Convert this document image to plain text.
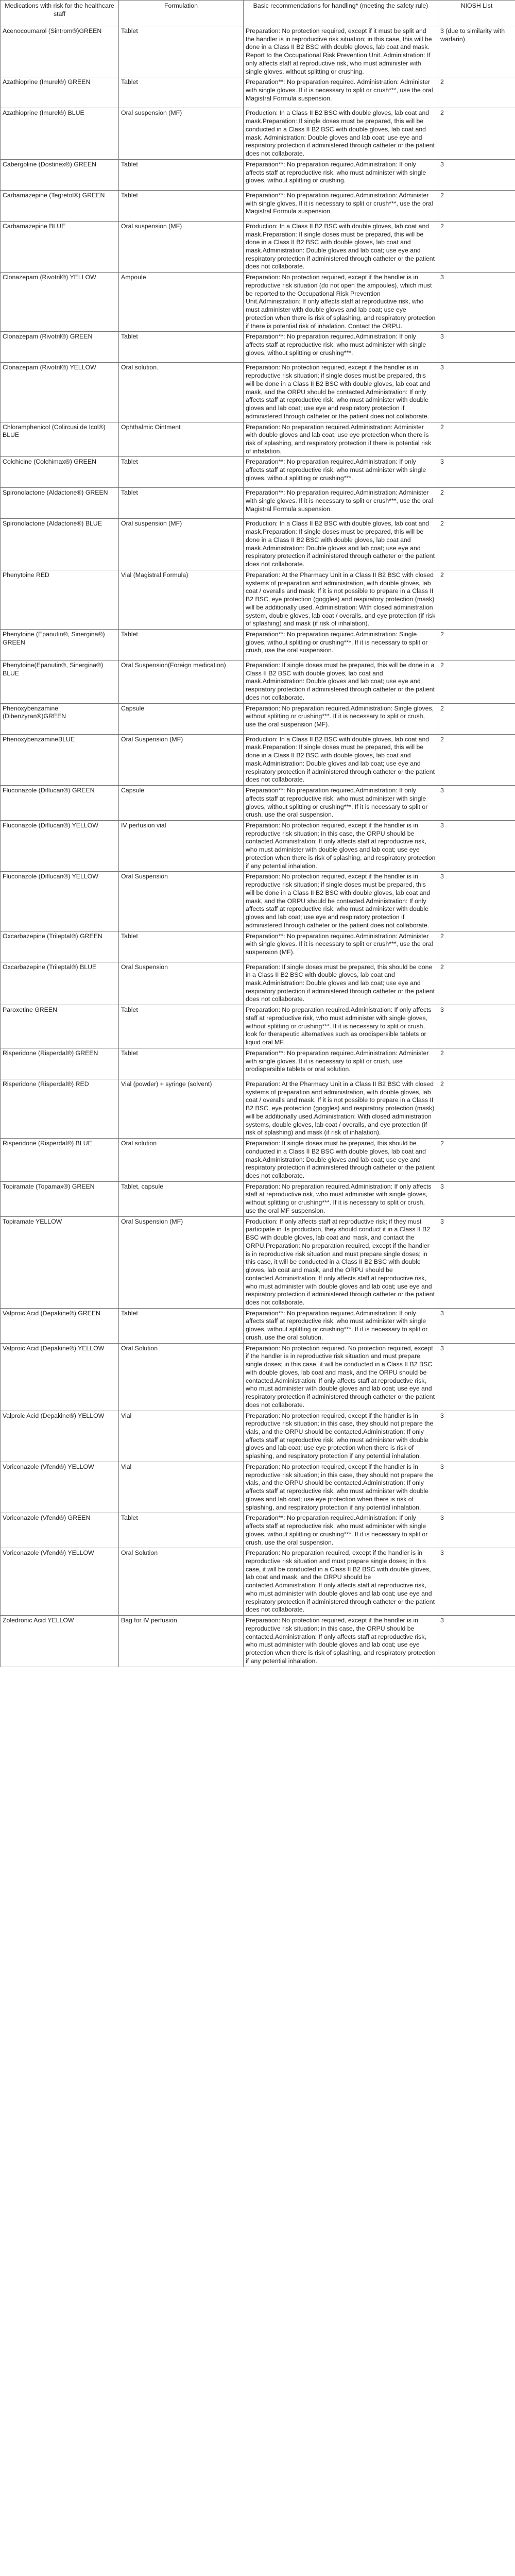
Medications with risk for the healthcare staff	Formulation	Basic recommendations for handling* (meeting the safety rule)	NIOSH List
Acenocoumarol (Sintrom®)GREEN	Tablet	Preparation: No protection required, except if it must be split and the handler is in reproductive risk situation; in this case, this will be done in a Class II B2 BSC with double gloves, lab coat and mask. Report to the Occupational Risk Prevention Unit. Administration: If only affects staff at reproductive risk, who must administer with single gloves, without splitting or crushing.	3 (due to similarity with warfarin)
Azathioprine (Imurel®) GREEN	Tablet	Preparation**: No preparation required. Administration: Administer with single gloves. If it is necessary to split or crush***, use the oral Magistral Formula suspension.	2
Azathioprine (Imurel®) BLUE	Oral suspension (MF)	Production: In a Class II B2 BSC with double gloves, lab coat and mask.Preparation: If single doses must be prepared, this will be conducted in a Class II B2 BSC with double gloves, lab coat and mask. Administration: Double gloves and lab coat; use eye and respiratory protection if administered through catheter or the patient does not collaborate.	2
Cabergoline (Dostinex®) GREEN	Tablet	Preparation**: No preparation required.Administration: If only affects staff at reproductive risk, who must administer with single gloves, without splitting or crushing.	3
Carbamazepine (Tegretol®) GREEN	Tablet	Preparation**: No preparation required.Administration: Administer with single gloves. If it is necessary to split or crush***, use the oral Magistral Formula suspension.	2
Carbamazepine BLUE	Oral suspension (MF)	Production: In a Class II B2 BSC with double gloves, lab coat and mask.Preparation: If single doses must be prepared, this will be done in a Class II B2 BSC with double gloves, lab coat and mask.Administration: Double gloves and lab coat; use eye and respiratory protection if administered through catheter or the patient does not collaborate.	2
Clonazepam (Rivotril®) YELLOW	Ampoule	Preparation: No protection required, except if the handler is in reproductive risk situation (do not open the ampoules), which must be reported to the Occupational Risk Prevention Unit.Administration: If only affects staff at reproductive risk, who must administer with double gloves and lab coat; use eye protection when there is risk of splashing, and respiratory protection if there is potential risk of inhalation. Contact the ORPU.	3
Clonazepam (Rivotril®) GREEN	Tablet	Preparation**: No preparation required.Administration: If only affects staff at reproductive risk, who must administer with single gloves, without splitting or crushing***.	3
Clonazepam (Rivotril®) YELLOW	Oral solution.	Preparation: No protection required, except if the handler is in reproductive risk situation; if single doses must be prepared, this will be done in a Class II B2 BSC with double gloves, lab coat and mask, and the ORPU should be contacted.Administration: If only affects staff at reproductive risk, who must administer with double gloves and lab coat; use eye and respiratory protection if administered through catheter or the patient does not collaborate.	3
Chloramphenicol (Colircusi de Icol®) BLUE	Ophthalmic Ointment	Preparation: No preparation required.Administration: Administer with double gloves and lab coat; use eye protection when there is risk of splashing, and respiratory protection if there is potential risk of inhalation.	2
Colchicine (Colchimax®) GREEN	Tablet	Preparation**: No preparation required.Administration: If only affects staff at reproductive risk, who must administer with single gloves, without splitting or crushing***.	3
Spironolactone (Aldactone®) GREEN	Tablet	Preparation**: No preparation required.Administration: Administer with single gloves. If it is necessary to split or crush***, use the oral Magistral Formula suspension.	2
Spironolactone (Aldactone®) BLUE	Oral suspension (MF)	Production: In a Class II B2 BSC with double gloves, lab coat and mask.Preparation: If single doses must be prepared, this will be done in a Class II B2 BSC with double gloves, lab coat and mask.Administration: Double gloves and lab coat; use eye and respiratory protection if administered through catheter or the patient does not collaborate.	2
Phenytoine RED	Vial (Magistral Formula)	Preparation: At the Pharmacy Unit in a Class II B2 BSC with closed systems of preparation and administration, with double gloves, lab coat / overalls and mask. If it is not possible to prepare in a Class II B2 BSC, eye protection (goggles) and respiratory protection (mask) will be additionally used. Administration: With closed administration system, double gloves, lab coat / overalls, and eye protection (if risk of splashing) and mask (if risk of inhalation).	2
Phenytoine (Epanutin®, Sinergina®) GREEN	Tablet	Preparation**: No preparation required.Administration: Single gloves, without splitting or crushing***. If it is necessary to split or crush, use the oral suspension.	2
Phenytoine(Epanutin®, Sinergina®) BLUE	Oral Suspension(Foreign medication)	Preparation: If single doses must be prepared, this will be done in a Class II B2 BSC with double gloves, lab coat and mask.Administration: Double gloves and lab coat; use eye and respiratory protection if administered through catheter or the patient does not collaborate.	2
Phenoxybenzamine (Dibenzyran®)GREEN	Capsule	Preparation: No preparation required.Administration: Single gloves, without splitting or crushing***. If it is necessary to split or crush, use the oral suspension (MF).	2
PhenoxybenzamineBLUE	Oral Suspension (MF)	Production: In a Class II B2 BSC with double gloves, lab coat and mask.Preparation: If single doses must be prepared, this will be done in a Class II B2 BSC with double gloves, lab coat and mask.Administration: Double gloves and lab coat; use eye and respiratory protection if administered through catheter or the patient does not collaborate.	2
Fluconazole (Diflucan®) GREEN	Capsule	Preparation**: No preparation required.Administration: If only affects staff at reproductive risk, who must administer with single gloves, without splitting or crushing***. If it is necessary to split or crush, use the oral suspension.	3
Fluconazole (Diflucan®) YELLOW	IV perfusion vial	Preparation: No protection required, except if the handler is in reproductive risk situation; in this case, the ORPU should be contacted.Administration: If only affects staff at reproductive risk, who must administer with double gloves and lab coat; use eye protection when there is risk of splashing, and respiratory protection if any potential inhalation.	3
Fluconazole (Diflucan®) YELLOW	Oral Suspension	Preparation: No protection required, except if the handler is in reproductive risk situation; if single doses must be prepared, this will be done in a Class II B2 BSC with double gloves, lab coat and mask, and the ORPU should be contacted.Administration: If only affects staff at reproductive risk, who must administer with double gloves and lab coat; use eye and respiratory protection if administered through catheter or the patient does not collaborate.	3
Oxcarbazepine (Trileptal®) GREEN	Tablet	Preparation**: No preparation required.Administration: Administer with single gloves. If it is necessary to split or crush***, use the oral suspension (MF).	2
Oxcarbazepine (Trileptal®) BLUE	Oral Suspension	Preparation: If single doses must be prepared, this should be done in a Class II B2 BSC with double gloves, lab coat and mask.Administration: Double gloves and lab coat; use eye and respiratory protection if administered through catheter or the patient does not collaborate.	2
Paroxetine GREEN	Tablet	Preparation: No preparation required.Administration: If only affects staff at reproductive risk, who must administer with single gloves, without splitting or crushing***. If it is necessary to split or crush, look for therapeutic alternatives such as orodispersible tablets or liquid oral MF.	3
Risperidone (Risperdal®) GREEN	Tablet	Preparation**: No preparation required.Administration: Administer with single gloves. If it is necessary to split or crush, use orodispersible tablets or oral solution.	2
Risperidone (Risperdal®) RED	Vial (powder) + syringe (solvent)	Preparation: At the Pharmacy Unit in a Class II B2 BSC with closed systems of preparation and administration, with double gloves, lab coat / overalls and mask. If it is not possible to prepare in a Class II B2 BSC, eye protection (goggles) and respiratory protection (mask) will be additionally used.Administration: With closed administration systems, double gloves, lab coat / overalls, and eye protection (if risk of splashing) and mask (if risk of inhalation).	2
Risperidone (Risperdal®) BLUE	Oral solution	Preparation: If single doses must be prepared, this should be conducted in a Class II B2 BSC with double gloves, lab coat and mask.Administration: Double gloves and lab coat; use eye and respiratory protection if administered through catheter or the patient does not collaborate.	2
Topiramate (Topamax®) GREEN	Tablet, capsule	Preparation: No preparation required.Administration: If only affects staff at reproductive risk, who must administer with single gloves, without splitting or crushing***. If it is necessary to split or crush, use the oral MF suspension.	3
Topiramate YELLOW	Oral Suspension (MF)	Production: If only affects staff at reproductive risk; if they must participate in its production, they should conduct it in a Class II B2 BSC with double gloves, lab coat and mask, and contact the ORPU.Preparation: No preparation required, except if the handler is in reproductive risk situation and must prepare single doses; in this case, it will be conducted in a Class II B2 BSC with double gloves, lab coat and mask, and the ORPU should be contacted.Administration: If only affects staff at reproductive risk, who must administer with double gloves and lab coat; use eye and respiratory protection if administered through catheter or the patient does not collaborate.	3
Valproic Acid (Depakine®) GREEN	Tablet	Preparation**: No preparation required.Administration: If only affects staff at reproductive risk, who must administer with single gloves, without splitting or crushing***. If it is necessary to split or crush, use the oral solution.	3
Valproic Acid (Depakine®) YELLOW	Oral Solution	Preparation: No protection required. No protection required, except if the handler is in reproductive risk situation and must prepare single doses; in this case, it will be conducted in a Class II B2 BSC with double gloves, lab coat and mask, and the ORPU should be contacted.Administration: If only affects staff at reproductive risk, who must administer with double gloves and lab coat; use eye and respiratory protection if administered through catheter or the patient does not collaborate.	3
Valproic Acid (Depakine®) YELLOW	Vial	Preparation: No protection required, except if the handler is in reproductive risk situation; in this case, they should not prepare the vials, and the ORPU should be contacted.Administration: If only affects staff at reproductive risk, who must administer with double gloves and lab coat; use eye protection when there is risk of splashing, and respiratory protection if any potential inhalation.	3
Voriconazole (Vfend®) YELLOW	Vial	Preparation: No protection required, except if the handler is in reproductive risk situation; in this case, they should not prepare the vials, and the ORPU should be contacted.Administration: If only affects staff at reproductive risk, who must administer with double gloves and lab coat; use eye protection when there is risk of splashing, and respiratory protection if any potential inhalation.	3
Voriconazole (Vfend®) GREEN	Tablet	Preparation**: No preparation required.Administration: If only affects staff at reproductive risk, who must administer with single gloves, without splitting or crushing***. If it is necessary to split or crush, use the oral suspension.	3
Voriconazole (Vfend®) YELLOW	Oral Solution	Preparation: No preparation required, except if the handler is in reproductive risk situation and must prepare single doses; in this case, it will be conducted in a Class II B2 BSC with double gloves, lab coat and mask, and the ORPU should be contacted.Administration: If only affects staff at reproductive risk, who must administer with double gloves and lab coat; use eye and respiratory protection if administered through catheter or the patient does not collaborate.	3
Zoledronic Acid YELLOW	Bag for IV perfusion	Preparation: No protection required, except if the handler is in reproductive risk situation; in this case, the ORPU should be contacted.Administration: If only affects staff at reproductive risk, who must administer with double gloves and lab coat; use eye protection when there is risk of splashing, and respiratory protection if any potential inhalation.	3
